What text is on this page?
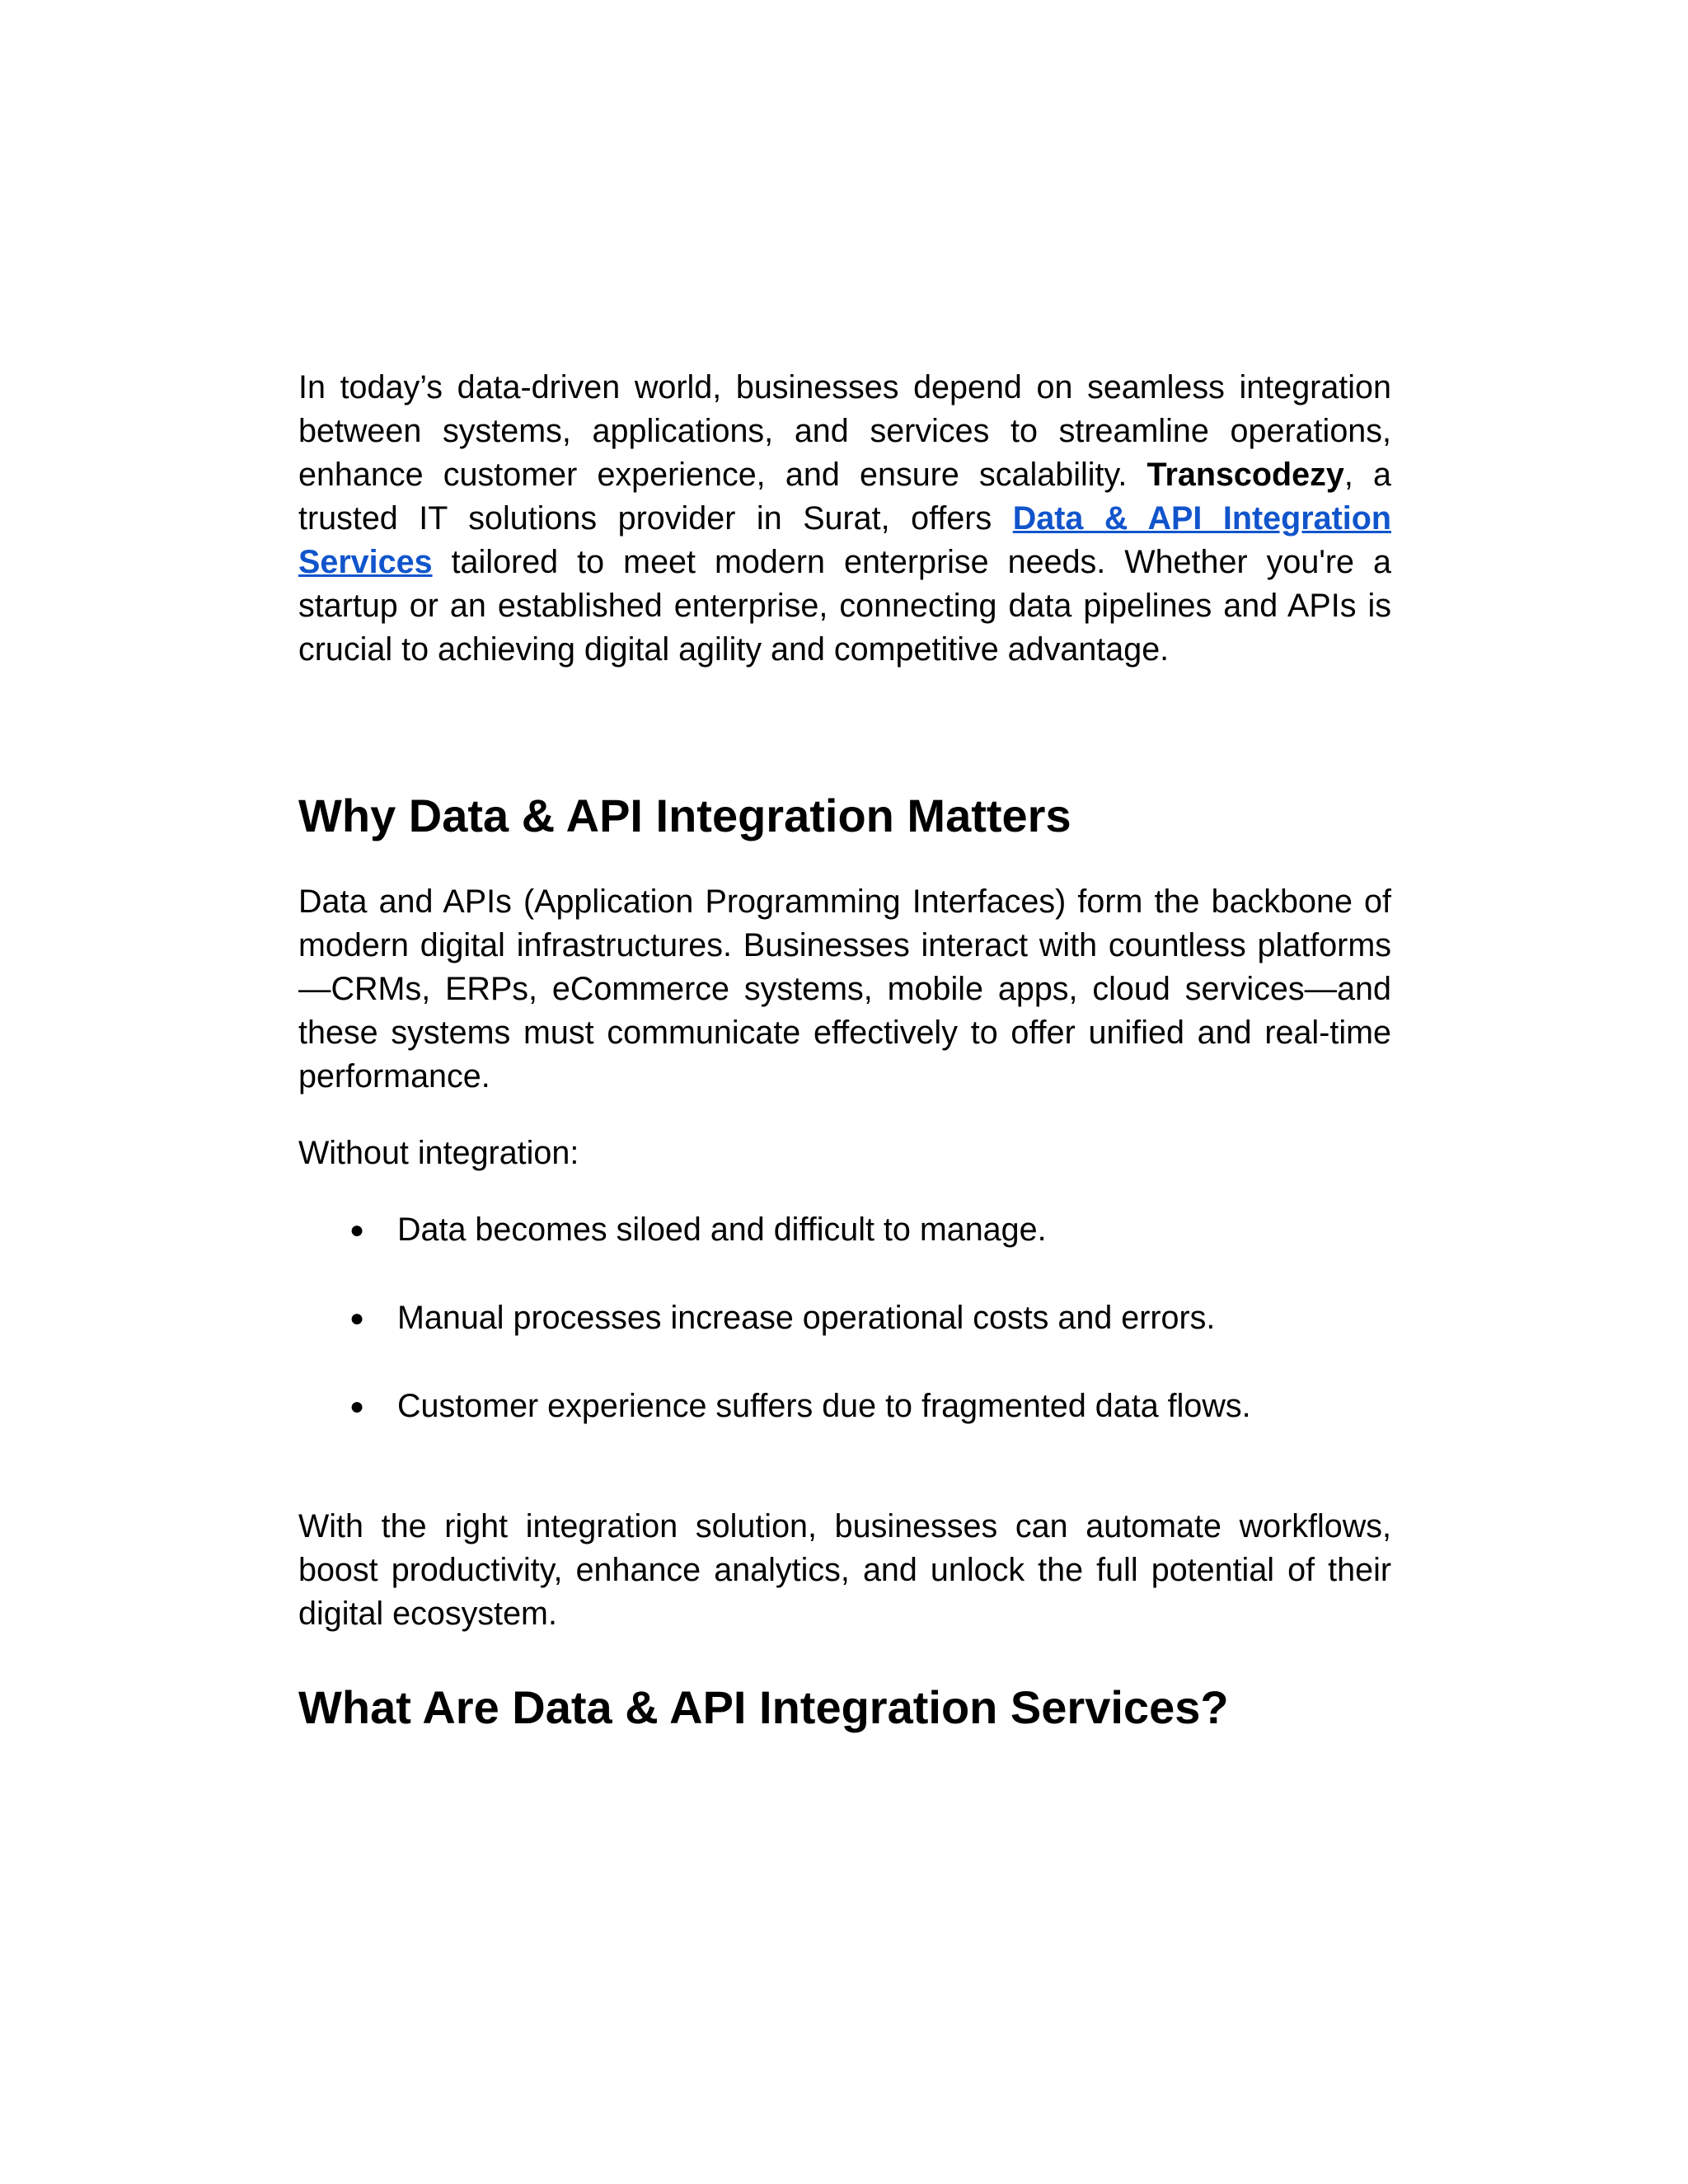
In today’s data-driven world, businesses depend on seamless integration between systems, applications, and services to streamline operations, enhance customer experience, and ensure scalability. Transcodezy, a trusted IT solutions provider in Surat, offers Data & API Integration Services tailored to meet modern enterprise needs. Whether you're a startup or an established enterprise, connecting data pipelines and APIs is crucial to achieving digital agility and competitive advantage.

Why Data & API Integration Matters

Data and APIs (Application Programming Interfaces) form the backbone of modern digital infrastructures. Businesses interact with countless platforms—CRMs, ERPs, eCommerce systems, mobile apps, cloud services—and these systems must communicate effectively to offer unified and real-time performance.

Without integration:

● Data becomes siloed and difficult to manage.
● Manual processes increase operational costs and errors.
● Customer experience suffers due to fragmented data flows.

With the right integration solution, businesses can automate workflows, boost productivity, enhance analytics, and unlock the full potential of their digital ecosystem.

What Are Data & API Integration Services?
